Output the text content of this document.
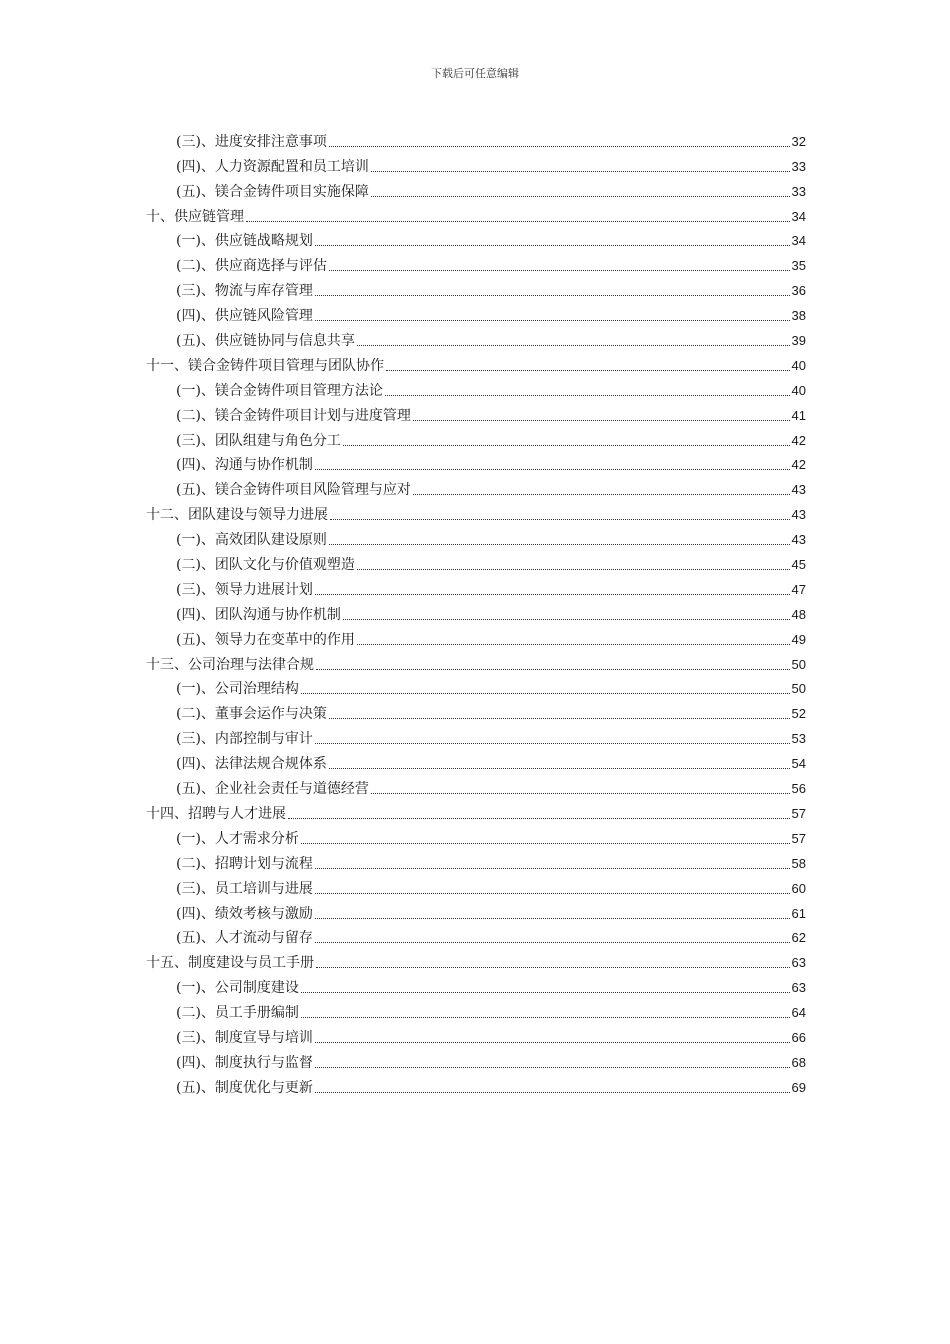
下载后可任意编辑
(三)、进度安排注意事项	32
(四)、人力资源配置和员工培训	33
(五)、镁合金铸件项目实施保障	33
十、供应链管理	34
(一)、供应链战略规划	34
(二)、供应商选择与评估	35
(三)、物流与库存管理	36
(四)、供应链风险管理	38
(五)、供应链协同与信息共享	39
十一、镁合金铸件项目管理与团队协作	40
(一)、镁合金铸件项目管理方法论	40
(二)、镁合金铸件项目计划与进度管理	41
(三)、团队组建与角色分工	42
(四)、沟通与协作机制	42
(五)、镁合金铸件项目风险管理与应对	43
十二、团队建设与领导力进展	43
(一)、高效团队建设原则	43
(二)、团队文化与价值观塑造	45
(三)、领导力进展计划	47
(四)、团队沟通与协作机制	48
(五)、领导力在变革中的作用	49
十三、公司治理与法律合规	50
(一)、公司治理结构	50
(二)、董事会运作与决策	52
(三)、内部控制与审计	53
(四)、法律法规合规体系	54
(五)、企业社会责任与道德经营	56
十四、招聘与人才进展	57
(一)、人才需求分析	57
(二)、招聘计划与流程	58
(三)、员工培训与进展	60
(四)、绩效考核与激励	61
(五)、人才流动与留存	62
十五、制度建设与员工手册	63
(一)、公司制度建设	63
(二)、员工手册编制	64
(三)、制度宣导与培训	66
(四)、制度执行与监督	68
(五)、制度优化与更新	69
